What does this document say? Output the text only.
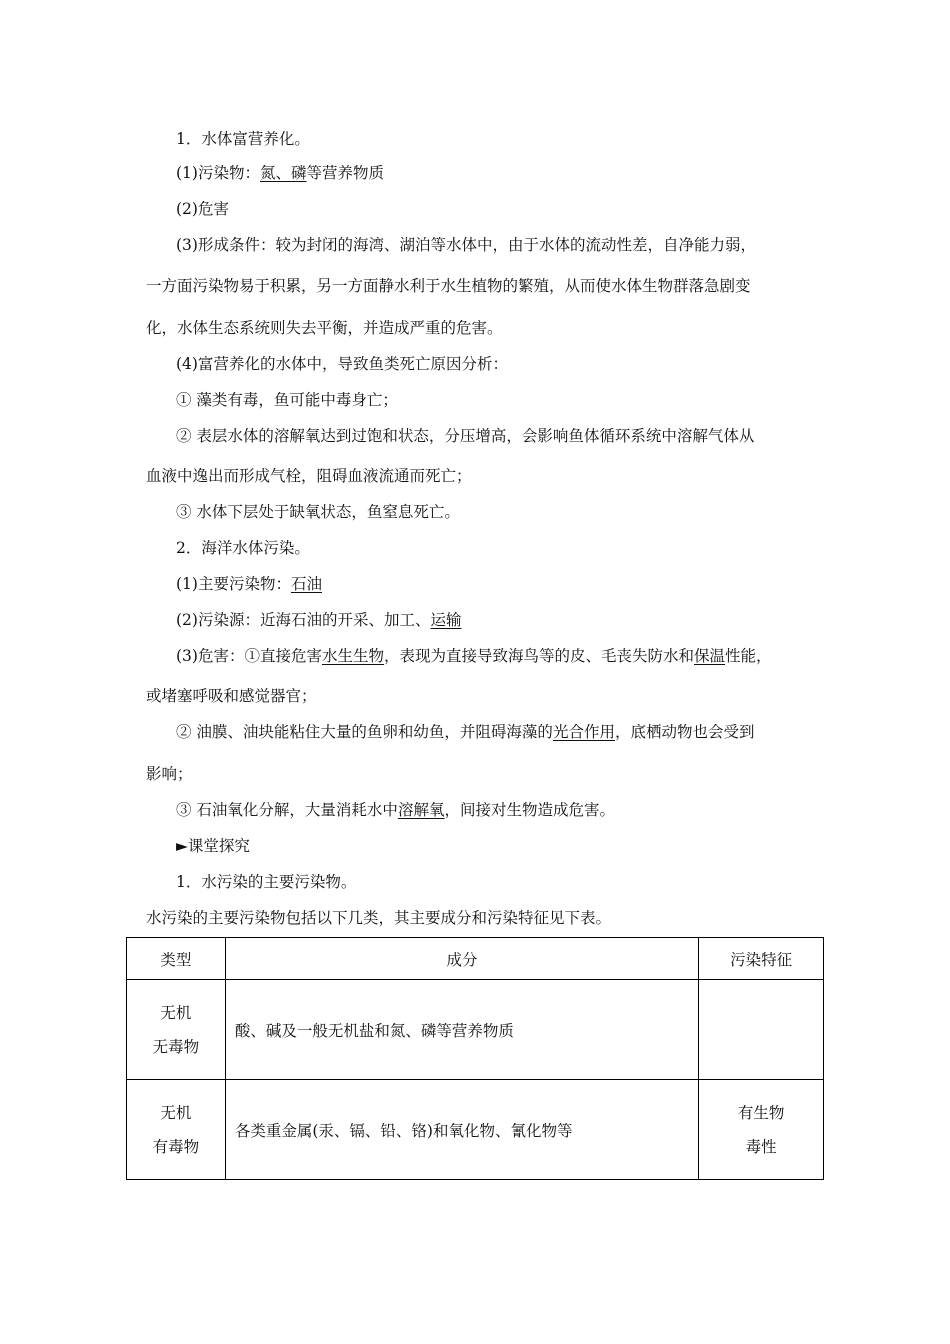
1．水体富营养化。
(1)污染物：氮、磷等营养物质
(2)危害
(3)形成条件：较为封闭的海湾、湖泊等水体中，由于水体的流动性差，自净能力弱，
一方面污染物易于积累，另一方面静水利于水生植物的繁殖，从而使水体生物群落急剧变
化，水体生态系统则失去平衡，并造成严重的危害。
(4)富营养化的水体中，导致鱼类死亡原因分析：
① 藻类有毒，鱼可能中毒身亡；
② 表层水体的溶解氧达到过饱和状态，分压增高，会影响鱼体循环系统中溶解气体从
血液中逸出而形成气栓，阻碍血液流通而死亡；
③ 水体下层处于缺氧状态，鱼窒息死亡。
2．海洋水体污染。
(1)主要污染物：石油
(2)污染源：近海石油的开采、加工、运输
(3)危害：①直接危害水生生物，表现为直接导致海鸟等的皮、毛丧失防水和保温性能，
或堵塞呼吸和感觉器官；
② 油膜、油块能粘住大量的鱼卵和幼鱼，并阻碍海藻的光合作用，底栖动物也会受到
影响；
③ 石油氧化分解，大量消耗水中溶解氧，间接对生物造成危害。
►课堂探究
1．水污染的主要污染物。
水污染的主要污染物包括以下几类，其主要成分和污染特征见下表。
类型	成分	污染特征

无机
无毒物	酸、碱及一般无机盐和氮、磷等营养物质	

无机
有毒物	各类重金属(汞、镉、铅、铬)和氧化物、氰化物等	有生物
毒性
